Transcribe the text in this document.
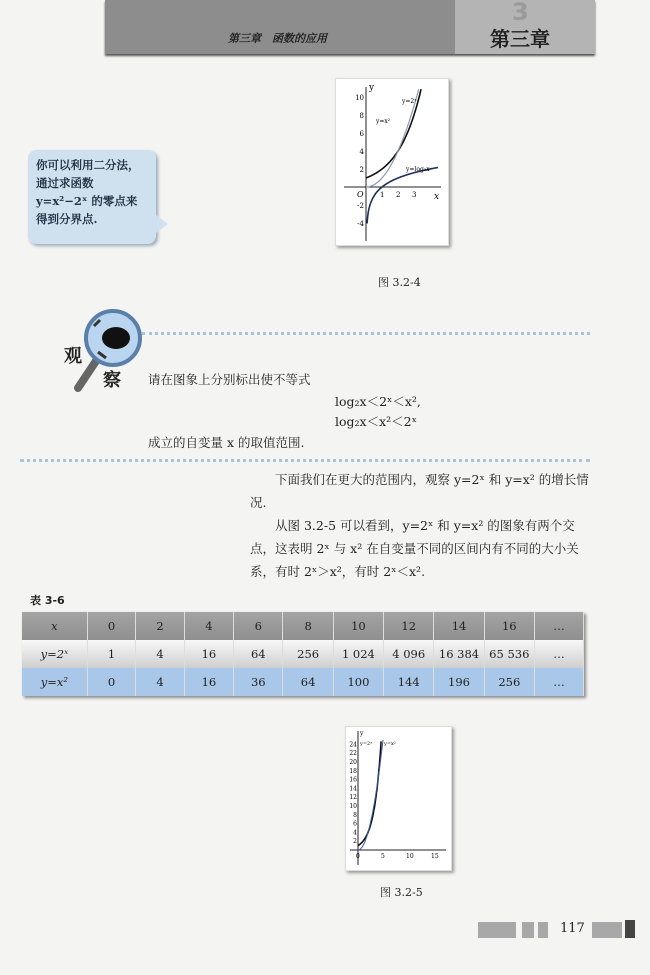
3
第三章　函数的应用	第三章
你可以利用二分法，通过求函数 y=x²−2ˣ 的零点来得到分界点.
y
x
O
10
8
6
4
2
-2
-4
1 2 3
y=2ˣ
y=x²
y=log₂x
图 3.2-4
观
察 请在图象上分别标出使不等式
log₂x＜2ˣ＜x²,
log₂x＜x²＜2ˣ
成立的自变量 x 的取值范围.

下面我们在更大的范围内，观察 y=2ˣ 和 y=x² 的增长情况.

从图 3.2-5 可以看到，y=2ˣ 和 y=x² 的图象有两个交点，这表明 2ˣ 与 x² 在自变量不同的区间内有不同的大小关系，有时 2ˣ＞x²，有时 2ˣ＜x².

表 3-6
x	0	2	4	6	8	10	12	14	16	…
y=2ˣ	1	4	16	64	256	1 024	4 096	16 384	65 536	…
y=x²	0	4	16	36	64	100	144	196	256	…
y
24
22
20
18
16
14
12
10
8
6
4
2
0	5	10	15
y=2ˣ y=x²
图 3.2-5
117
